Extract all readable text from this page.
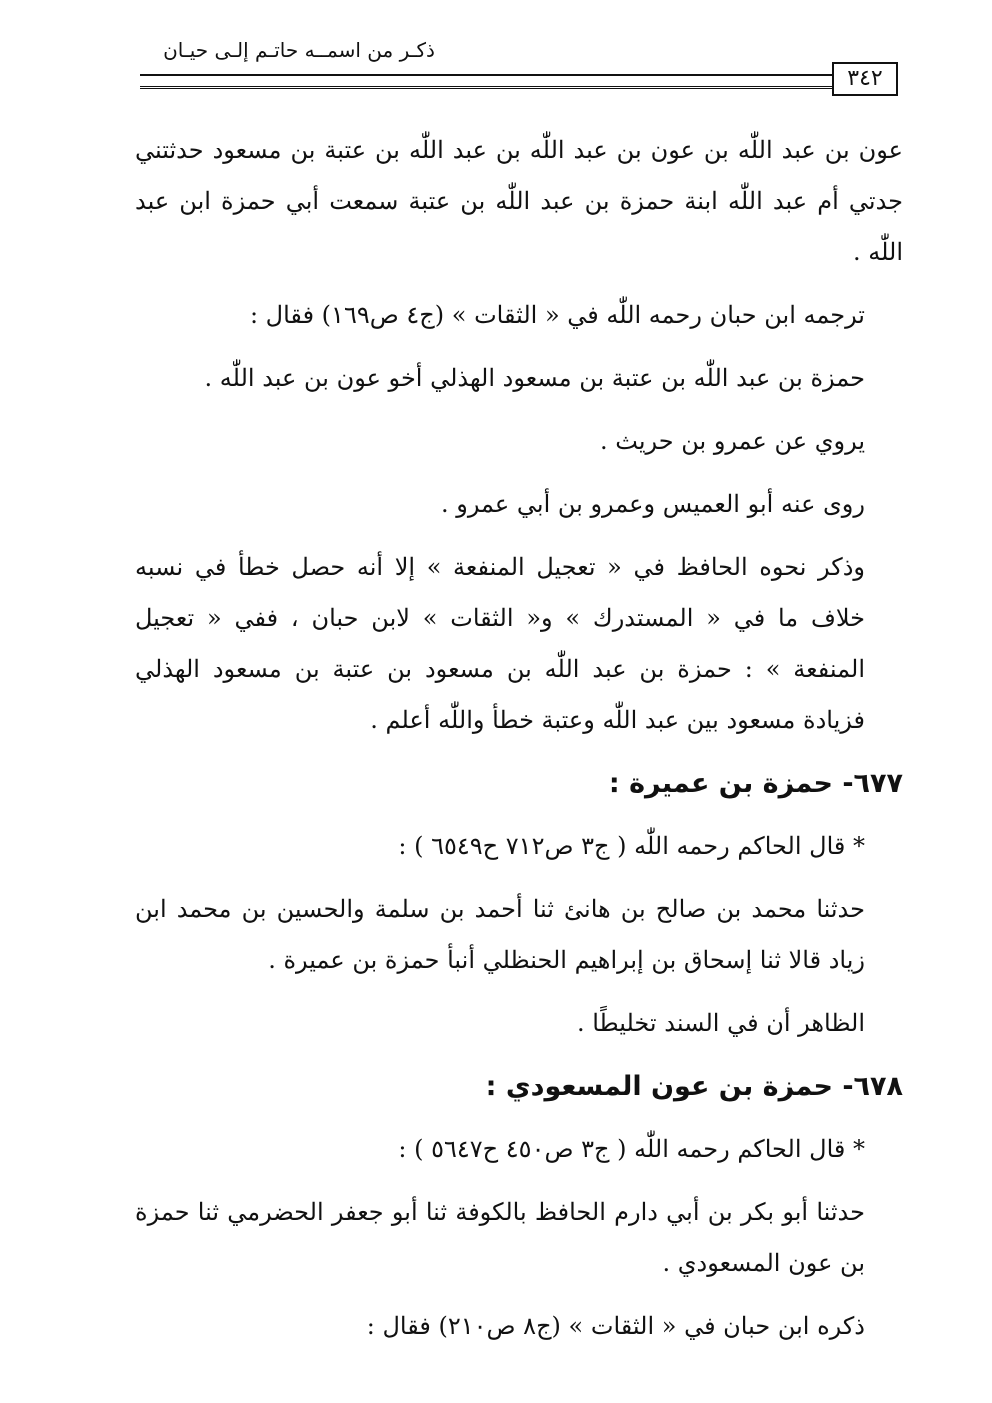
ذكـر من اسمــه حاتـم إلـى حيـان
٣٤٢

عون بن عبد اللّٰه بن عون بن عبد اللّٰه بن عبد اللّٰه بن عتبة بن مسعود حدثتني جدتي أم عبد اللّٰه ابنة حمزة بن عبد اللّٰه بن عتبة سمعت أبي حمزة ابن عبد اللّٰه .

ترجمه ابن حبان رحمه اللّٰه في « الثقات » (ج٤ ص١٦٩) فقال :

حمزة بن عبد اللّٰه بن عتبة بن مسعود الهذلي أخو عون بن عبد اللّٰه .

يروي عن عمرو بن حريث .

روى عنه أبو العميس وعمرو بن أبي عمرو .

وذكر نحوه الحافظ في « تعجيل المنفعة » إلا أنه حصل خطأ في نسبه خلاف ما في « المستدرك » و« الثقات » لابن حبان ، ففي « تعجيل المنفعة » : حمزة بن عبد اللّٰه بن مسعود بن عتبة بن مسعود الهذلي فزيادة مسعود بين عبد اللّٰه وعتبة خطأ واللّٰه أعلم .

٦٧٧- حمزة بن عميرة :

* قال الحاكم رحمه اللّٰه ( ج٣ ص٧١٢ ح٦٥٤٩ ) :

حدثنا محمد بن صالح بن هانئ ثنا أحمد بن سلمة والحسين بن محمد ابن زياد قالا ثنا إسحاق بن إبراهيم الحنظلي أنبأ حمزة بن عميرة .

الظاهر أن في السند تخليطًا .

٦٧٨- حمزة بن عون المسعودي :

* قال الحاكم رحمه اللّٰه ( ج٣ ص٤٥٠ ح٥٦٤٧ ) :

حدثنا أبو بكر بن أبي دارم الحافظ بالكوفة ثنا أبو جعفر الحضرمي ثنا حمزة بن عون المسعودي .

ذكره ابن حبان في « الثقات » (ج٨ ص٢١٠) فقال :
